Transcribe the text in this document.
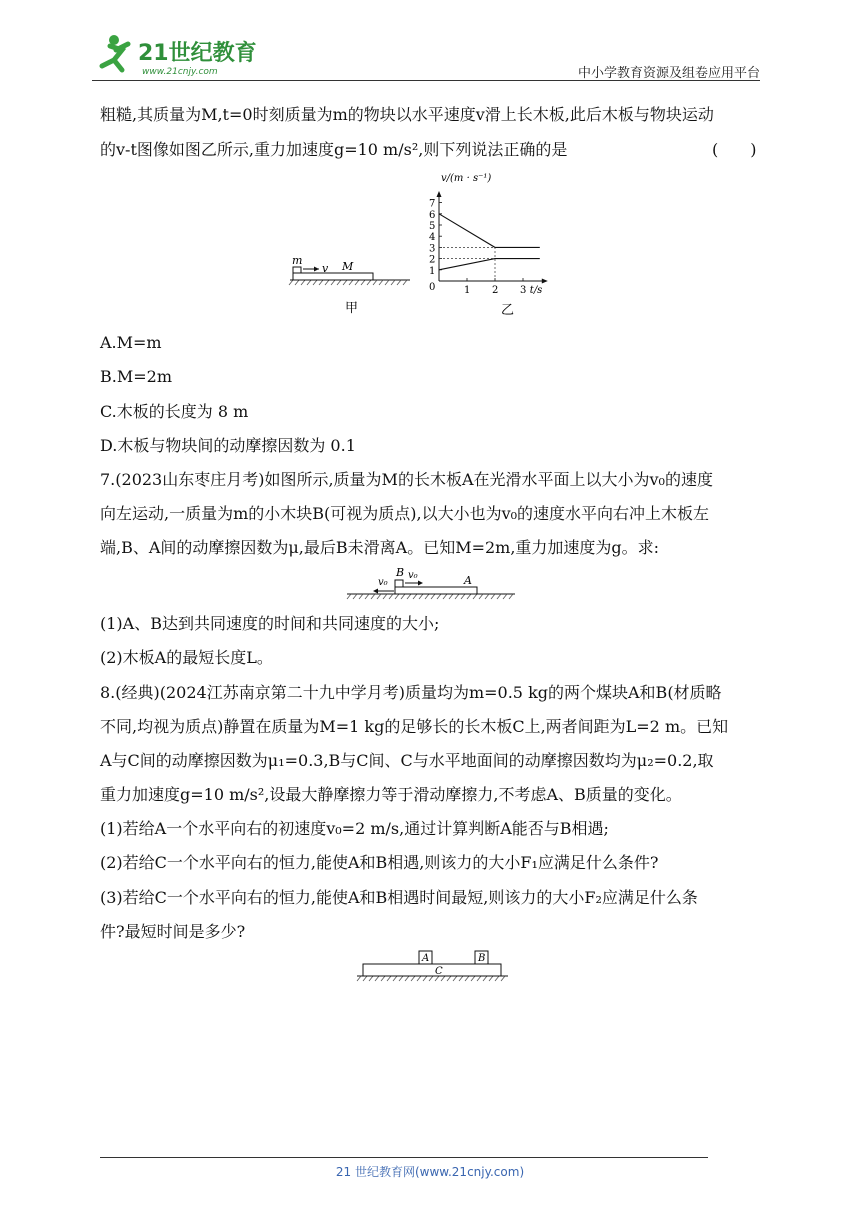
21世纪教育
www.21cnjy.com	中小学教育资源及组卷应用平台
粗糙,其质量为M,t=0时刻质量为m的物块以水平速度v滑上长木板,此后木板与物块运动
的v-t图像如图乙所示,重力加速度g=10 m/s²,则下列说法正确的是	(　　)
m
v M
甲
v/(m · s⁻¹)
t/s
1
2
3
4
5
6
7
0	1 2 3
乙
A.M=m
B.M=2m
C.木板的长度为 8 m
D.木板与物块间的动摩擦因数为 0.1
7.(2023山东枣庄月考)如图所示,质量为M的长木板A在光滑水平面上以大小为v₀的速度
向左运动,一质量为m的小木块B(可视为质点),以大小也为v₀的速度水平向右冲上木板左
端,B、A间的动摩擦因数为μ,最后B未滑离A。已知M=2m,重力加速度为g。求:
v₀
B v₀	A
(1)A、B达到共同速度的时间和共同速度的大小;
(2)木板A的最短长度L。
8.(经典)(2024江苏南京第二十九中学月考)质量均为m=0.5 kg的两个煤块A和B(材质略
不同,均视为质点)静置在质量为M=1 kg的足够长的长木板C上,两者间距为L=2 m。已知
A与C间的动摩擦因数为μ₁=0.3,B与C间、C与水平地面间的动摩擦因数均为μ₂=0.2,取
重力加速度g=10 m/s²,设最大静摩擦力等于滑动摩擦力,不考虑A、B质量的变化。
(1)若给A一个水平向右的初速度v₀=2 m/s,通过计算判断A能否与B相遇;
(2)若给C一个水平向右的恒力,能使A和B相遇,则该力的大小F₁应满足什么条件?
(3)若给C一个水平向右的恒力,能使A和B相遇时间最短,则该力的大小F₂应满足什么条
件?最短时间是多少?
A	B
C
21 世纪教育网(www.21cnjy.com)
